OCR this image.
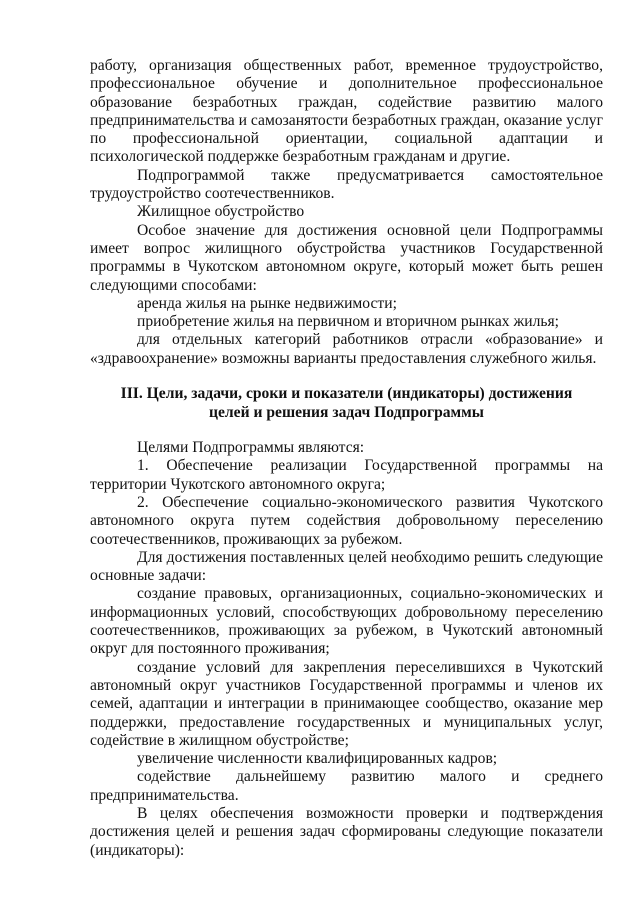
работу, организация общественных работ, временное трудоустройство, профессиональное обучение и дополнительное профессиональное образование безработных граждан, содействие развитию малого предпринимательства и самозанятости безработных граждан, оказание услуг по профессиональной ориентации, социальной адаптации и психологической поддержке безработным гражданам и другие.

Подпрограммой также предусматривается самостоятельное трудоустройство соотечественников.

Жилищное обустройство

Особое значение для достижения основной цели Подпрограммы имеет вопрос жилищного обустройства участников Государственной программы в Чукотском автономном округе, который может быть решен следующими способами:

аренда жилья на рынке недвижимости;

приобретение жилья на первичном и вторичном рынках жилья;

для отдельных категорий работников отрасли «образование» и «здравоохранение» возможны варианты предоставления служебного жилья.

III. Цели, задачи, сроки и показатели (индикаторы) достижения
целей и решения задач Подпрограммы

Целями Подпрограммы являются:

1. Обеспечение реализации Государственной программы на территории Чукотского автономного округа;

2. Обеспечение социально-экономического развития Чукотского автономного округа путем содействия добровольному переселению соотечественников, проживающих за рубежом.

Для достижения поставленных целей необходимо решить следующие основные задачи:

создание правовых, организационных, социально-экономических и информационных условий, способствующих добровольному переселению соотечественников, проживающих за рубежом, в Чукотский автономный округ для постоянного проживания;

создание условий для закрепления переселившихся в Чукотский автономный округ участников Государственной программы и членов их семей, адаптации и интеграции в принимающее сообщество, оказание мер поддержки, предоставление государственных и муниципальных услуг, содействие в жилищном обустройстве;

увеличение численности квалифицированных кадров;

содействие дальнейшему развитию малого и среднего предпринимательства.

В целях обеспечения возможности проверки и подтверждения достижения целей и решения задач сформированы следующие показатели (индикаторы):
